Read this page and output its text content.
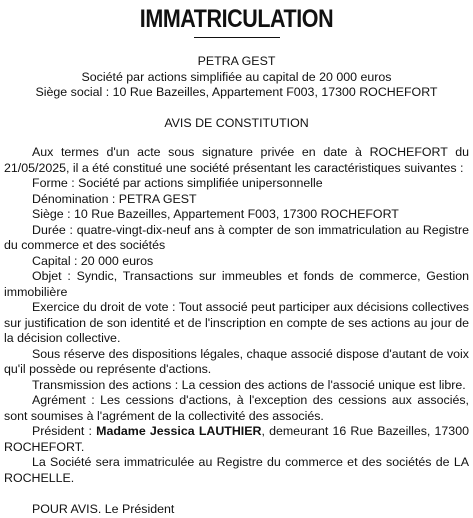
IMMATRICULATION
PETRA GEST
Société par actions simplifiée au capital de 20 000 euros
Siège social : 10 Rue Bazeilles, Appartement F003, 17300 ROCHEFORT
AVIS DE CONSTITUTION

Aux termes d'un acte sous signature privée en date à ROCHEFORT du 21/05/2025, il a été constitué une société présentant les caractéristiques suivantes :

Forme : Société par actions simplifiée unipersonnelle

Dénomination : PETRA GEST

Siège : 10 Rue Bazeilles, Appartement F003, 17300 ROCHEFORT

Durée : quatre-vingt-dix-neuf ans à compter de son immatriculation au Registre du commerce et des sociétés

Capital : 20 000 euros

Objet : Syndic, Transactions sur immeubles et fonds de commerce, Gestion immobilière

Exercice du droit de vote : Tout associé peut participer aux décisions collectives sur justification de son identité et de l'inscription en compte de ses actions au jour de la décision collective.

Sous réserve des dispositions légales, chaque associé dispose d'autant de voix qu'il possède ou représente d'actions.

Transmission des actions : La cession des actions de l'associé unique est libre.

Agrément : Les cessions d'actions, à l'exception des cessions aux associés, sont soumises à l'agrément de la collectivité des associés.

Président : Madame Jessica LAUTHIER, demeurant 16 Rue Bazeilles, 17300 ROCHEFORT.

La Société sera immatriculée au Registre du commerce et des sociétés de LA ROCHELLE.

POUR AVIS. Le Président
